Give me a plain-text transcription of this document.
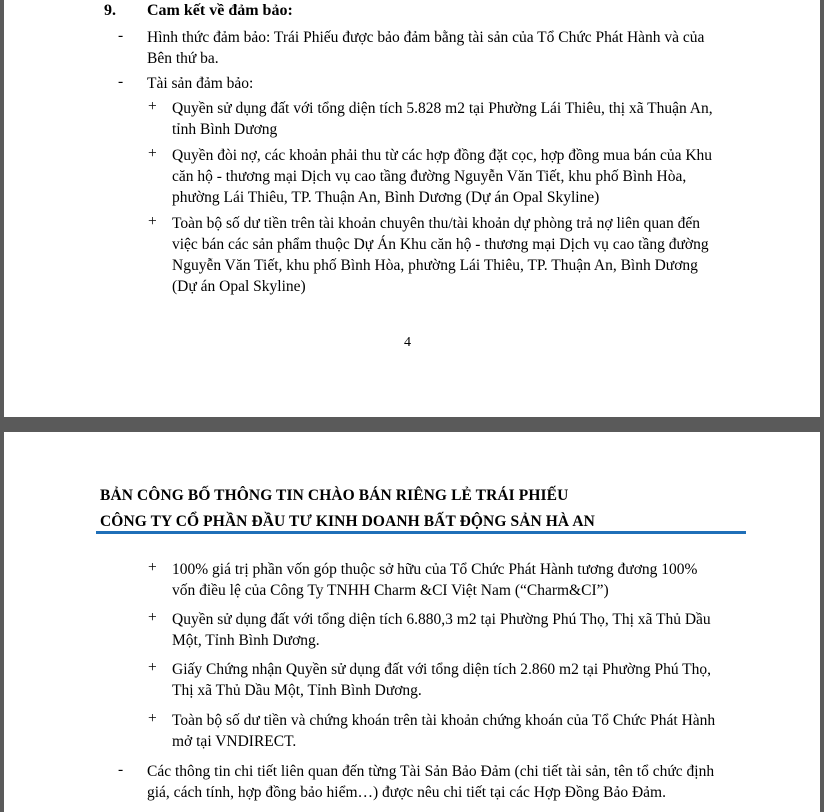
9. Cam kết về đảm bảo:
- Hình thức đảm bảo: Trái Phiếu được bảo đảm bằng tài sản của Tổ Chức Phát Hành và của
Bên thứ ba.
- Tài sản đảm bảo:
+ Quyền sử dụng đất với tổng diện tích 5.828 m2 tại Phường Lái Thiêu, thị xã Thuận An,
tỉnh Bình Dương
+ Quyền đòi nợ, các khoản phải thu từ các hợp đồng đặt cọc, hợp đồng mua bán của Khu
căn hộ - thương mại Dịch vụ cao tầng đường Nguyễn Văn Tiết, khu phố Bình Hòa,
phường Lái Thiêu, TP. Thuận An, Bình Dương (Dự án Opal Skyline)
+ Toàn bộ số dư tiền trên tài khoản chuyên thu/tài khoản dự phòng trả nợ liên quan đến
việc bán các sản phẩm thuộc Dự Án Khu căn hộ - thương mại Dịch vụ cao tầng đường
Nguyễn Văn Tiết, khu phố Bình Hòa, phường Lái Thiêu, TP. Thuận An, Bình Dương
(Dự án Opal Skyline)
4
BẢN CÔNG BỐ THÔNG TIN CHÀO BÁN RIÊNG LẺ TRÁI PHIẾU
CÔNG TY CỔ PHẦN ĐẦU TƯ KINH DOANH BẤT ĐỘNG SẢN HÀ AN
+ 100% giá trị phần vốn góp thuộc sở hữu của Tổ Chức Phát Hành tương đương 100%
vốn điều lệ của Công Ty TNHH Charm &CI Việt Nam (“Charm&CI”)
+ Quyền sử dụng đất với tổng diện tích 6.880,3 m2 tại Phường Phú Thọ, Thị xã Thủ Dầu
Một, Tỉnh Bình Dương.
+ Giấy Chứng nhận Quyền sử dụng đất với tổng diện tích 2.860 m2 tại Phường Phú Thọ,
Thị xã Thủ Dầu Một, Tỉnh Bình Dương.
+ Toàn bộ số dư tiền và chứng khoán trên tài khoản chứng khoán của Tổ Chức Phát Hành
mở tại VNDIRECT.
- Các thông tin chi tiết liên quan đến từng Tài Sản Bảo Đảm (chi tiết tài sản, tên tổ chức định
giá, cách tính, hợp đồng bảo hiểm…) được nêu chi tiết tại các Hợp Đồng Bảo Đảm.
